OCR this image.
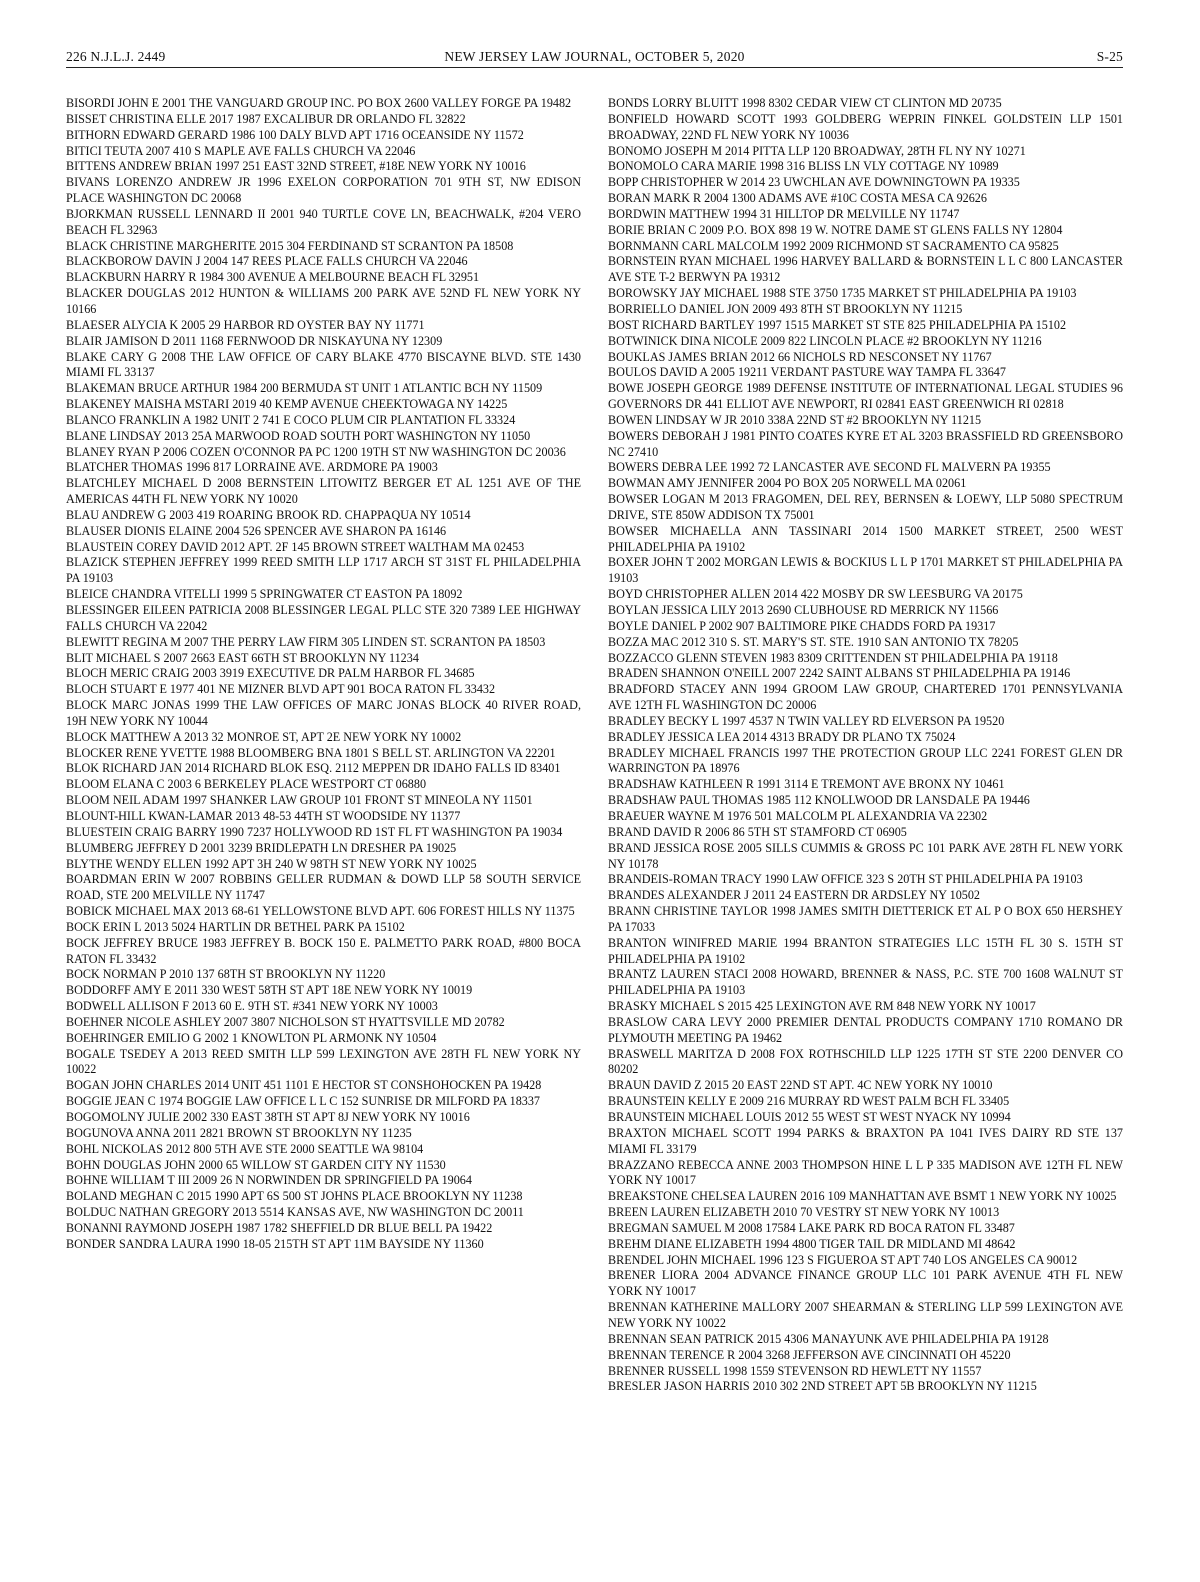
226 N.J.L.J. 2449	NEW JERSEY LAW JOURNAL, OCTOBER 5, 2020	S-25

BISORDI JOHN E 2001 THE VANGUARD GROUP INC. PO BOX 2600 VALLEY FORGE PA 19482

BISSET CHRISTINA ELLE 2017 1987 EXCALIBUR DR ORLANDO FL 32822

BITHORN EDWARD GERARD 1986 100 DALY BLVD APT 1716 OCEANSIDE NY 11572

BITICI TEUTA 2007 410 S MAPLE AVE FALLS CHURCH VA 22046

BITTENS ANDREW BRIAN 1997 251 EAST 32ND STREET, #18E NEW YORK NY 10016

BIVANS LORENZO ANDREW JR 1996 EXELON CORPORATION 701 9TH ST, NW EDISON PLACE WASHINGTON DC 20068

BJORKMAN RUSSELL LENNARD II 2001 940 TURTLE COVE LN, BEACHWALK, #204 VERO BEACH FL 32963

BLACK CHRISTINE MARGHERITE 2015 304 FERDINAND ST SCRANTON PA 18508

BLACKBOROW DAVIN J 2004 147 REES PLACE FALLS CHURCH VA 22046

BLACKBURN HARRY R 1984 300 AVENUE A MELBOURNE BEACH FL 32951

BLACKER DOUGLAS 2012 HUNTON & WILLIAMS 200 PARK AVE 52ND FL NEW YORK NY 10166

BLAESER ALYCIA K 2005 29 HARBOR RD OYSTER BAY NY 11771

BLAIR JAMISON D 2011 1168 FERNWOOD DR NISKAYUNA NY 12309

BLAKE CARY G 2008 THE LAW OFFICE OF CARY BLAKE 4770 BISCAYNE BLVD. STE 1430 MIAMI FL 33137

BLAKEMAN BRUCE ARTHUR 1984 200 BERMUDA ST UNIT 1 ATLANTIC BCH NY 11509

BLAKENEY MAISHA MSTARI 2019 40 KEMP AVENUE CHEEKTOWAGA NY 14225

BLANCO FRANKLIN A 1982 UNIT 2 741 E COCO PLUM CIR PLANTATION FL 33324

BLANE LINDSAY 2013 25A MARWOOD ROAD SOUTH PORT WASHINGTON NY 11050

BLANEY RYAN P 2006 COZEN O'CONNOR PA PC 1200 19TH ST NW WASHINGTON DC 20036

BLATCHER THOMAS 1996 817 LORRAINE AVE. ARDMORE PA 19003

BLATCHLEY MICHAEL D 2008 BERNSTEIN LITOWITZ BERGER ET AL 1251 AVE OF THE AMERICAS 44TH FL NEW YORK NY 10020

BLAU ANDREW G 2003 419 ROARING BROOK RD. CHAPPAQUA NY 10514

BLAUSER DIONIS ELAINE 2004 526 SPENCER AVE SHARON PA 16146

BLAUSTEIN COREY DAVID 2012 APT. 2F 145 BROWN STREET WALTHAM MA 02453

BLAZICK STEPHEN JEFFREY 1999 REED SMITH LLP 1717 ARCH ST 31ST FL PHILADELPHIA PA 19103

BLEICE CHANDRA VITELLI 1999 5 SPRINGWATER CT EASTON PA 18092

BLESSINGER EILEEN PATRICIA 2008 BLESSINGER LEGAL PLLC STE 320 7389 LEE HIGHWAY FALLS CHURCH VA 22042

BLEWITT REGINA M 2007 THE PERRY LAW FIRM 305 LINDEN ST. SCRANTON PA 18503

BLIT MICHAEL S 2007 2663 EAST 66TH ST BROOKLYN NY 11234

BLOCH MERIC CRAIG 2003 3919 EXECUTIVE DR PALM HARBOR FL 34685

BLOCH STUART E 1977 401 NE MIZNER BLVD APT 901 BOCA RATON FL 33432

BLOCK MARC JONAS 1999 THE LAW OFFICES OF MARC JONAS BLOCK 40 RIVER ROAD, 19H NEW YORK NY 10044

BLOCK MATTHEW A 2013 32 MONROE ST, APT 2E NEW YORK NY 10002

BLOCKER RENE YVETTE 1988 BLOOMBERG BNA 1801 S BELL ST. ARLINGTON VA 22201

BLOK RICHARD JAN 2014 RICHARD BLOK ESQ. 2112 MEPPEN DR IDAHO FALLS ID 83401

BLOOM ELANA C 2003 6 BERKELEY PLACE WESTPORT CT 06880

BLOOM NEIL ADAM 1997 SHANKER LAW GROUP 101 FRONT ST MINEOLA NY 11501

BLOUNT-HILL KWAN-LAMAR 2013 48-53 44TH ST WOODSIDE NY 11377

BLUESTEIN CRAIG BARRY 1990 7237 HOLLYWOOD RD 1ST FL FT WASHINGTON PA 19034

BLUMBERG JEFFREY D 2001 3239 BRIDLEPATH LN DRESHER PA 19025

BLYTHE WENDY ELLEN 1992 APT 3H 240 W 98TH ST NEW YORK NY 10025

BOARDMAN ERIN W 2007 ROBBINS GELLER RUDMAN & DOWD LLP 58 SOUTH SERVICE ROAD, STE 200 MELVILLE NY 11747

BOBICK MICHAEL MAX 2013 68-61 YELLOWSTONE BLVD APT. 606 FOREST HILLS NY 11375

BOCK ERIN L 2013 5024 HARTLIN DR BETHEL PARK PA 15102

BOCK JEFFREY BRUCE 1983 JEFFREY B. BOCK 150 E. PALMETTO PARK ROAD, #800 BOCA RATON FL 33432

BOCK NORMAN P 2010 137 68TH ST BROOKLYN NY 11220

BODDORFF AMY E 2011 330 WEST 58TH ST APT 18E NEW YORK NY 10019

BODWELL ALLISON F 2013 60 E. 9TH ST. #341 NEW YORK NY 10003

BOEHNER NICOLE ASHLEY 2007 3807 NICHOLSON ST HYATTSVILLE MD 20782

BOEHRINGER EMILIO G 2002 1 KNOWLTON PL ARMONK NY 10504

BOGALE TSEDEY A 2013 REED SMITH LLP 599 LEXINGTON AVE 28TH FL NEW YORK NY 10022

BOGAN JOHN CHARLES 2014 UNIT 451 1101 E HECTOR ST CONSHOHOCKEN PA 19428

BOGGIE JEAN C 1974 BOGGIE LAW OFFICE L L C 152 SUNRISE DR MILFORD PA 18337

BOGOMOLNY JULIE 2002 330 EAST 38TH ST APT 8J NEW YORK NY 10016

BOGUNOVA ANNA 2011 2821 BROWN ST BROOKLYN NY 11235

BOHL NICKOLAS 2012 800 5TH AVE STE 2000 SEATTLE WA 98104

BOHN DOUGLAS JOHN 2000 65 WILLOW ST GARDEN CITY NY 11530

BOHNE WILLIAM T III 2009 26 N NORWINDEN DR SPRINGFIELD PA 19064

BOLAND MEGHAN C 2015 1990 APT 6S 500 ST JOHNS PLACE BROOKLYN NY 11238

BOLDUC NATHAN GREGORY 2013 5514 KANSAS AVE, NW WASHINGTON DC 20011

BONANNI RAYMOND JOSEPH 1987 1782 SHEFFIELD DR BLUE BELL PA 19422

BONDER SANDRA LAURA 1990 18-05 215TH ST APT 11M BAYSIDE NY 11360

BONDS LORRY BLUITT 1998 8302 CEDAR VIEW CT CLINTON MD 20735

BONFIELD HOWARD SCOTT 1993 GOLDBERG WEPRIN FINKEL GOLDSTEIN LLP 1501 BROADWAY, 22ND FL NEW YORK NY 10036

BONOMO JOSEPH M 2014 PITTA LLP 120 BROADWAY, 28TH FL NY NY 10271

BONOMOLO CARA MARIE 1998 316 BLISS LN VLY COTTAGE NY 10989

BOPP CHRISTOPHER W 2014 23 UWCHLAN AVE DOWNINGTOWN PA 19335

BORAN MARK R 2004 1300 ADAMS AVE #10C COSTA MESA CA 92626

BORDWIN MATTHEW 1994 31 HILLTOP DR MELVILLE NY 11747

BORIE BRIAN C 2009 P.O. BOX 898 19 W. NOTRE DAME ST GLENS FALLS NY 12804

BORNMANN CARL MALCOLM 1992 2009 RICHMOND ST SACRAMENTO CA 95825

BORNSTEIN RYAN MICHAEL 1996 HARVEY BALLARD & BORNSTEIN L L C 800 LANCASTER AVE STE T-2 BERWYN PA 19312

BOROWSKY JAY MICHAEL 1988 STE 3750 1735 MARKET ST PHILADELPHIA PA 19103

BORRIELLO DANIEL JON 2009 493 8TH ST BROOKLYN NY 11215

BOST RICHARD BARTLEY 1997 1515 MARKET ST STE 825 PHILADELPHIA PA 15102

BOTWINICK DINA NICOLE 2009 822 LINCOLN PLACE #2 BROOKLYN NY 11216

BOUKLAS JAMES BRIAN 2012 66 NICHOLS RD NESCONSET NY 11767

BOULOS DAVID A 2005 19211 VERDANT PASTURE WAY TAMPA FL 33647

BOWE JOSEPH GEORGE 1989 DEFENSE INSTITUTE OF INTERNATIONAL LEGAL STUDIES 96 GOVERNORS DR 441 ELLIOT AVE NEWPORT, RI 02841 EAST GREENWICH RI 02818

BOWEN LINDSAY W JR 2010 338A 22ND ST #2 BROOKLYN NY 11215

BOWERS DEBORAH J 1981 PINTO COATES KYRE ET AL 3203 BRASSFIELD RD GREENSBORO NC 27410

BOWERS DEBRA LEE 1992 72 LANCASTER AVE SECOND FL MALVERN PA 19355

BOWMAN AMY JENNIFER 2004 PO BOX 205 NORWELL MA 02061

BOWSER LOGAN M 2013 FRAGOMEN, DEL REY, BERNSEN & LOEWY, LLP 5080 SPECTRUM DRIVE, STE 850W ADDISON TX 75001

BOWSER MICHAELLA ANN TASSINARI 2014 1500 MARKET STREET, 2500 WEST PHILADELPHIA PA 19102

BOXER JOHN T 2002 MORGAN LEWIS & BOCKIUS L L P 1701 MARKET ST PHILADELPHIA PA 19103

BOYD CHRISTOPHER ALLEN 2014 422 MOSBY DR SW LEESBURG VA 20175

BOYLAN JESSICA LILY 2013 2690 CLUBHOUSE RD MERRICK NY 11566

BOYLE DANIEL P 2002 907 BALTIMORE PIKE CHADDS FORD PA 19317

BOZZA MAC 2012 310 S. ST. MARY'S ST. STE. 1910 SAN ANTONIO TX 78205

BOZZACCO GLENN STEVEN 1983 8309 CRITTENDEN ST PHILADELPHIA PA 19118

BRADEN SHANNON O'NEILL 2007 2242 SAINT ALBANS ST PHILADELPHIA PA 19146

BRADFORD STACEY ANN 1994 GROOM LAW GROUP, CHARTERED 1701 PENNSYLVANIA AVE 12TH FL WASHINGTON DC 20006

BRADLEY BECKY L 1997 4537 N TWIN VALLEY RD ELVERSON PA 19520

BRADLEY JESSICA LEA 2014 4313 BRADY DR PLANO TX 75024

BRADLEY MICHAEL FRANCIS 1997 THE PROTECTION GROUP LLC 2241 FOREST GLEN DR WARRINGTON PA 18976

BRADSHAW KATHLEEN R 1991 3114 E TREMONT AVE BRONX NY 10461

BRADSHAW PAUL THOMAS 1985 112 KNOLLWOOD DR LANSDALE PA 19446

BRAEUER WAYNE M 1976 501 MALCOLM PL ALEXANDRIA VA 22302

BRAND DAVID R 2006 86 5TH ST STAMFORD CT 06905

BRAND JESSICA ROSE 2005 SILLS CUMMIS & GROSS PC 101 PARK AVE 28TH FL NEW YORK NY 10178

BRANDEIS-ROMAN TRACY 1990 LAW OFFICE 323 S 20TH ST PHILADELPHIA PA 19103

BRANDES ALEXANDER J 2011 24 EASTERN DR ARDSLEY NY 10502

BRANN CHRISTINE TAYLOR 1998 JAMES SMITH DIETTERICK ET AL P O BOX 650 HERSHEY PA 17033

BRANTON WINIFRED MARIE 1994 BRANTON STRATEGIES LLC 15TH FL 30 S. 15TH ST PHILADELPHIA PA 19102

BRANTZ LAUREN STACI 2008 HOWARD, BRENNER & NASS, P.C. STE 700 1608 WALNUT ST PHILADELPHIA PA 19103

BRASKY MICHAEL S 2015 425 LEXINGTON AVE RM 848 NEW YORK NY 10017

BRASLOW CARA LEVY 2000 PREMIER DENTAL PRODUCTS COMPANY 1710 ROMANO DR PLYMOUTH MEETING PA 19462

BRASWELL MARITZA D 2008 FOX ROTHSCHILD LLP 1225 17TH ST STE 2200 DENVER CO 80202

BRAUN DAVID Z 2015 20 EAST 22ND ST APT. 4C NEW YORK NY 10010

BRAUNSTEIN KELLY E 2009 216 MURRAY RD WEST PALM BCH FL 33405

BRAUNSTEIN MICHAEL LOUIS 2012 55 WEST ST WEST NYACK NY 10994

BRAXTON MICHAEL SCOTT 1994 PARKS & BRAXTON PA 1041 IVES DAIRY RD STE 137 MIAMI FL 33179

BRAZZANO REBECCA ANNE 2003 THOMPSON HINE L L P 335 MADISON AVE 12TH FL NEW YORK NY 10017

BREAKSTONE CHELSEA LAUREN 2016 109 MANHATTAN AVE BSMT 1 NEW YORK NY 10025

BREEN LAUREN ELIZABETH 2010 70 VESTRY ST NEW YORK NY 10013

BREGMAN SAMUEL M 2008 17584 LAKE PARK RD BOCA RATON FL 33487

BREHM DIANE ELIZABETH 1994 4800 TIGER TAIL DR MIDLAND MI 48642

BRENDEL JOHN MICHAEL 1996 123 S FIGUEROA ST APT 740 LOS ANGELES CA 90012

BRENER LIORA 2004 ADVANCE FINANCE GROUP LLC 101 PARK AVENUE 4TH FL NEW YORK NY 10017

BRENNAN KATHERINE MALLORY 2007 SHEARMAN & STERLING LLP 599 LEXINGTON AVE NEW YORK NY 10022

BRENNAN SEAN PATRICK 2015 4306 MANAYUNK AVE PHILADELPHIA PA 19128

BRENNAN TERENCE R 2004 3268 JEFFERSON AVE CINCINNATI OH 45220

BRENNER RUSSELL 1998 1559 STEVENSON RD HEWLETT NY 11557

BRESLER JASON HARRIS 2010 302 2ND STREET APT 5B BROOKLYN NY 11215
